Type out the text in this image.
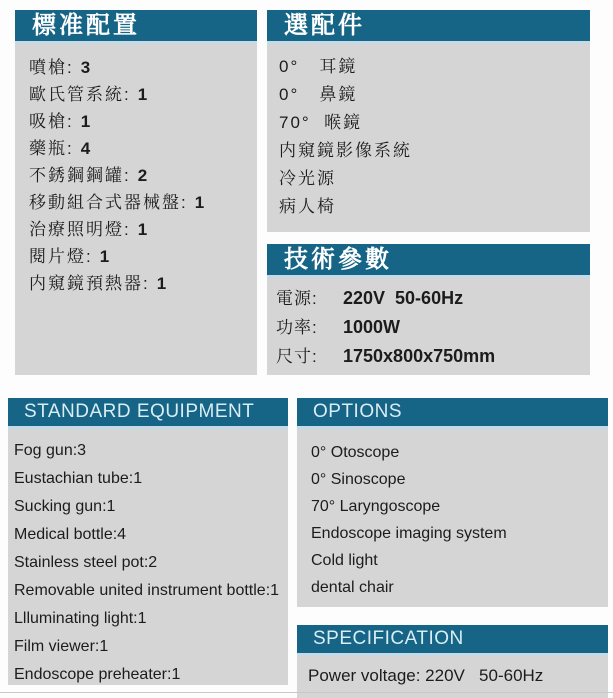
標准配置
噴槍: 3
歐氏管系統: 1
吸槍: 1
藥瓶: 4
不銹鋼鋼罐: 2
移動組合式器械盤: 1
治療照明燈: 1
閱片燈: 1
内窺鏡預熱器: 1
選配件
0°   耳鏡
0°   鼻鏡
70°  喉鏡
内窺鏡影像系統
冷光源
病人椅
技術參數
電源: 220V  50-60Hz
功率: 1000W
尺寸: 1750x800x750mm
STANDARD EQUIPMENT
Fog gun:3
Eustachian tube:1
Sucking gun:1
Medical bottle:4
Stainless steel pot:2
Removable united instrument bottle:1
Llluminating light:1
Film viewer:1
Endoscope preheater:1
OPTIONS
0° Otoscope
0° Sinoscope
70° Laryngoscope
Endoscope imaging system
Cold light
dental chair
SPECIFICATION
Power voltage: 220V   50-60Hz
